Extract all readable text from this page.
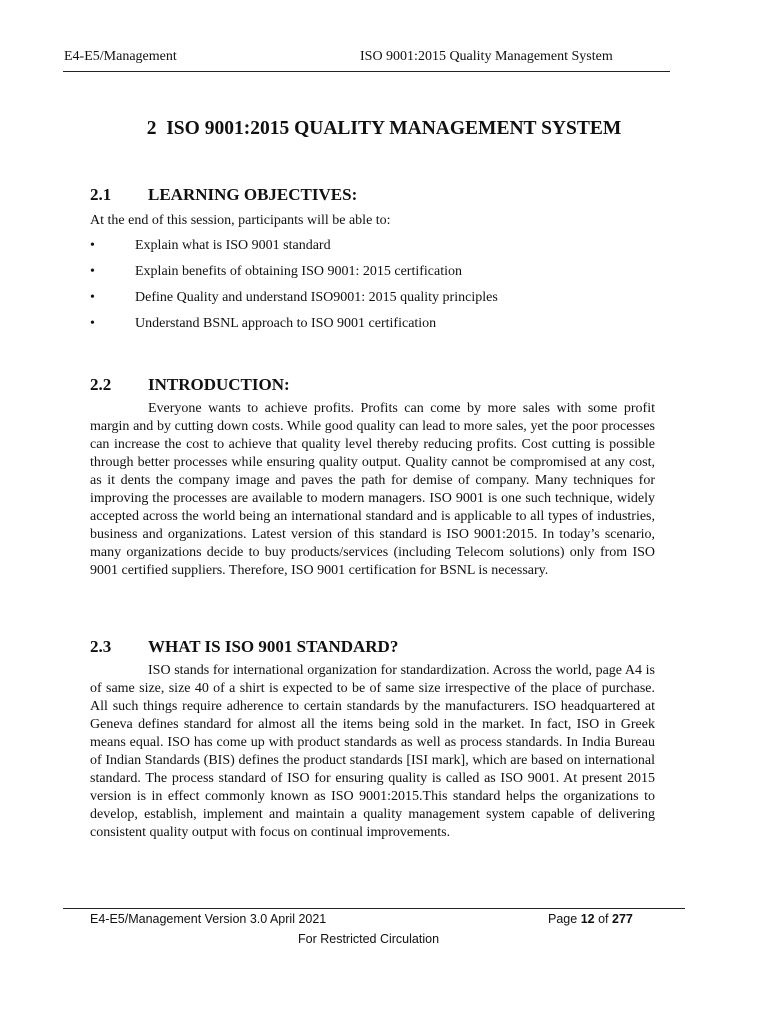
E4-E5/Management	ISO 9001:2015 Quality Management System
2 ISO 9001:2015 QUALITY MANAGEMENT SYSTEM
2.1 LEARNING OBJECTIVES:
At the end of this session, participants will be able to:
•	Explain what is ISO 9001 standard
•	Explain benefits of obtaining ISO 9001: 2015 certification
•	Define Quality and understand ISO9001: 2015 quality principles
•	Understand BSNL approach to ISO 9001 certification
2.2 INTRODUCTION:
Everyone wants to achieve profits. Profits can come by more sales with some profit margin and by cutting down costs. While good quality can lead to more sales, yet the poor processes can increase the cost to achieve that quality level thereby reducing profits. Cost cutting is possible through better processes while ensuring quality output. Quality cannot be compromised at any cost, as it dents the company image and paves the path for demise of company. Many techniques for improving the processes are available to modern managers. ISO 9001 is one such technique, widely accepted across the world being an international standard and is applicable to all types of industries, business and organizations. Latest version of this standard is ISO 9001:2015. In today’s scenario, many organizations decide to buy products/services (including Telecom solutions) only from ISO 9001 certified suppliers. Therefore, ISO 9001 certification for BSNL is necessary.
2.3 WHAT IS ISO 9001 STANDARD?
ISO stands for international organization for standardization. Across the world, page A4 is of same size, size 40 of a shirt is expected to be of same size irrespective of the place of purchase. All such things require adherence to certain standards by the manufacturers. ISO headquartered at Geneva defines standard for almost all the items being sold in the market. In fact, ISO in Greek means equal. ISO has come up with product standards as well as process standards. In India Bureau of Indian Standards (BIS) defines the product standards [ISI mark], which are based on international standard. The process standard of ISO for ensuring quality is called as ISO 9001. At present 2015 version is in effect commonly known as ISO 9001:2015.This standard helps the organizations to develop, establish, implement and maintain a quality management system capable of delivering consistent quality output with focus on continual improvements.
E4-E5/Management Version 3.0 April 2021	Page 12 of 277
For Restricted Circulation
